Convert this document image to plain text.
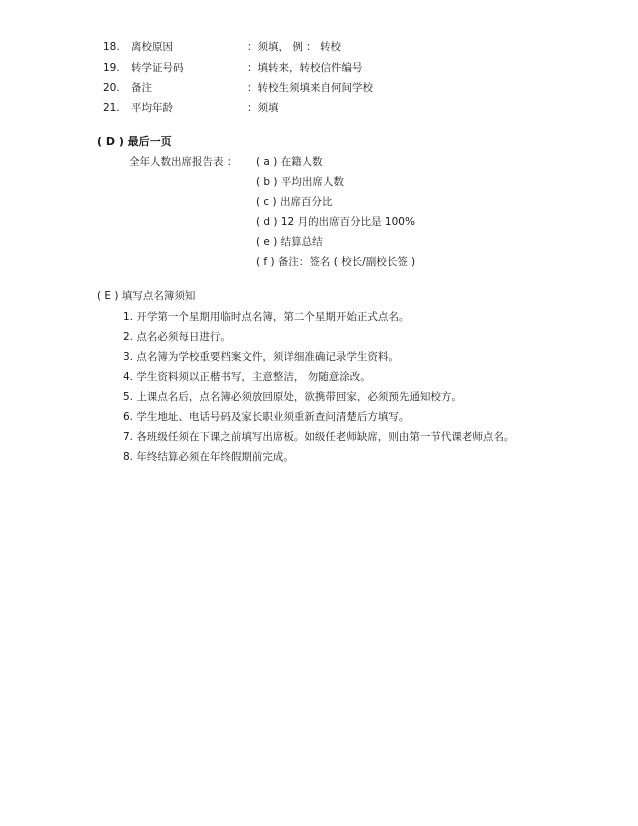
18. 离校原因	：须填， 例 ： 转校
19. 转学证号码	：填转来，转校信件编号
20. 备注	：转校生须填来自何间学校
21. 平均年龄	：须填
( D ) 最后一页
全年人数出席报告表 ： ( a ) 在籍人数
( b ) 平均出席人数
( c ) 出席百分比
( d ) 12 月的出席百分比是 100%
( e ) 结算总结
( f ) 备注：签名 ( 校长/副校长签 )
( E ) 填写点名簿须知
1. 开学第一个星期用临时点名簿，第二个星期开始正式点名。
2. 点名必须每日进行。
3. 点名簿为学校重要档案文件，须详细准确记录学生资料。
4. 学生资料须以正楷书写，主意整洁， 勿随意涂改。
5. 上课点名后，点名簿必须放回原处，欲携带回家，必须预先通知校方。
6. 学生地址、电话号码及家长职业须重新查问清楚后方填写。
7. 各班级任须在下课之前填写出席板。如级任老师缺席，则由第一节代课老师点名。
8. 年终结算必须在年终假期前完成。
